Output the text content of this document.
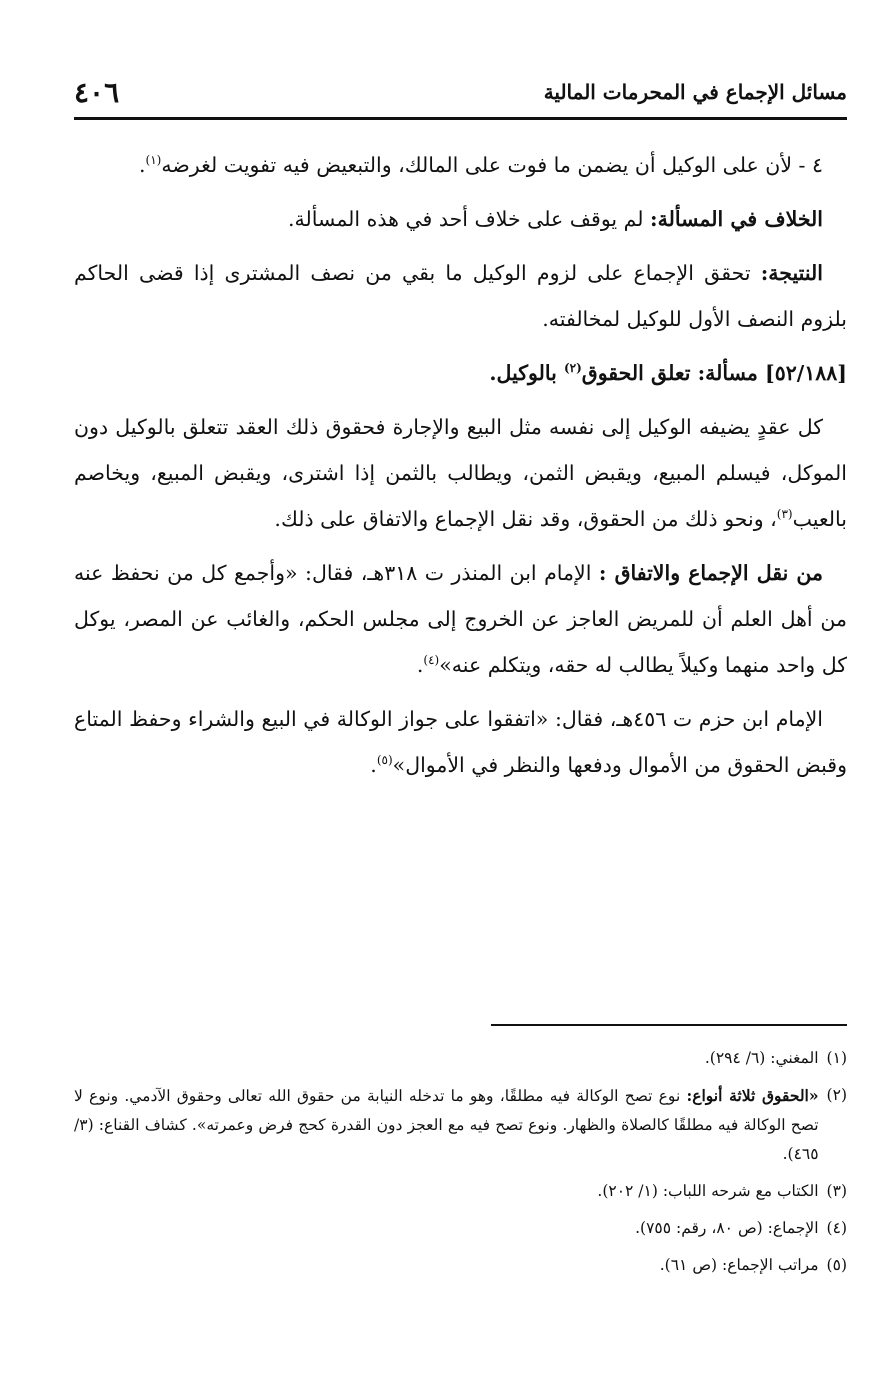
مسائل الإجماع في المحرمات المالية
٤٠٦

٤ - لأن على الوكيل أن يضمن ما فوت على المالك، والتبعيض فيه تفويت لغرضه$^{(١)}$.

الخلاف في المسألة: لم يوقف على خلاف أحد في هذه المسألة.

النتيجة: تحقق الإجماع على لزوم الوكيل ما بقي من نصف المشترى إذا قضى الحاكم بلزوم النصف الأول للوكيل لمخالفته.

[٥٢/١٨٨] مسألة: تعلق الحقوق$^{(٢)}$ بالوكيل.

كل عقدٍ يضيفه الوكيل إلى نفسه مثل البيع والإجارة فحقوق ذلك العقد تتعلق بالوكيل دون الموكل، فيسلم المبيع، ويقبض الثمن، ويطالب بالثمن إذا اشترى، ويقبض المبيع، ويخاصم بالعيب$^{(٣)}$، ونحو ذلك من الحقوق، وقد نقل الإجماع والاتفاق على ذلك.

من نقل الإجماع والاتفاق : الإمام ابن المنذر ت ٣١٨هـ، فقال: «وأجمع كل من نحفظ عنه من أهل العلم أن للمريض العاجز عن الخروج إلى مجلس الحكم، والغائب عن المصر، يوكل كل واحد منهما وكيلاً يطالب له حقه، ويتكلم عنه»$^{(٤)}$.

الإمام ابن حزم ت ٤٥٦هـ، فقال: «اتفقوا على جواز الوكالة في البيع والشراء وحفظ المتاع وقبض الحقوق من الأموال ودفعها والنظر في الأموال»$^{(٥)}$.

(١)
المغني: (٦/ ٢٩٤).
(٢)
«الحقوق ثلاثة أنواع: نوع تصح الوكالة فيه مطلقًا، وهو ما تدخله النيابة من حقوق الله تعالى وحقوق الآدمي. ونوع لا تصح الوكالة فيه مطلقًا كالصلاة والظهار. ونوع تصح فيه مع العجز دون القدرة كحج فرض وعمرته». كشاف القناع: (٣/ ٤٦٥).
(٣)
الكتاب مع شرحه اللباب: (١/ ٢٠٢).
(٤)
الإجماع: (ص ٨٠، رقم: ٧٥٥).
(٥)
مراتب الإجماع: (ص ٦١).
